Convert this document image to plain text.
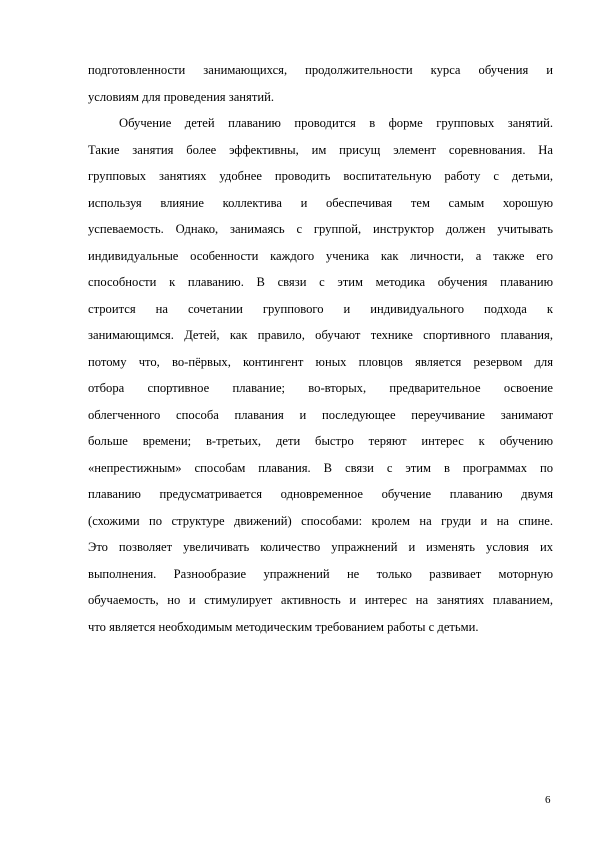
подготовленности занимающихся, продолжительности курса обучения и
условиям для проведения занятий.
Обучение детей плаванию проводится в форме групповых занятий.
Такие занятия более эффективны, им присущ элемент соревнования. На
групповых занятиях удобнее проводить воспитательную работу с детьми,
используя влияние коллектива и обеспечивая тем самым хорошую
успеваемость. Однако, занимаясь с группой, инструктор должен учитывать
индивидуальные особенности каждого ученика как личности, а также его
способности к плаванию. В связи с этим методика обучения плаванию
строится на сочетании группового и индивидуального подхода к
занимающимся. Детей, как правило, обучают технике спортивного плавания,
потому что, во-пёрвых, контингент юных пловцов является резервом для
отбора спортивное плавание; во-вторых, предварительное освоение
облегченного способа плавания и последующее переучивание занимают
больше времени; в-третьих, дети быстро теряют интерес к обучению
«непрестижным» способам плавания. В связи с этим в программах по
плаванию предусматривается одновременное обучение плаванию двумя
(схожими по структуре движений) способами: кролем на груди и на спине.
Это позволяет увеличивать количество упражнений и изменять условия их
выполнения. Разнообразие упражнений не только развивает моторную
обучаемость, но и стимулирует активность и интерес на занятиях плаванием,
что является необходимым методическим требованием работы с детьми.
6
